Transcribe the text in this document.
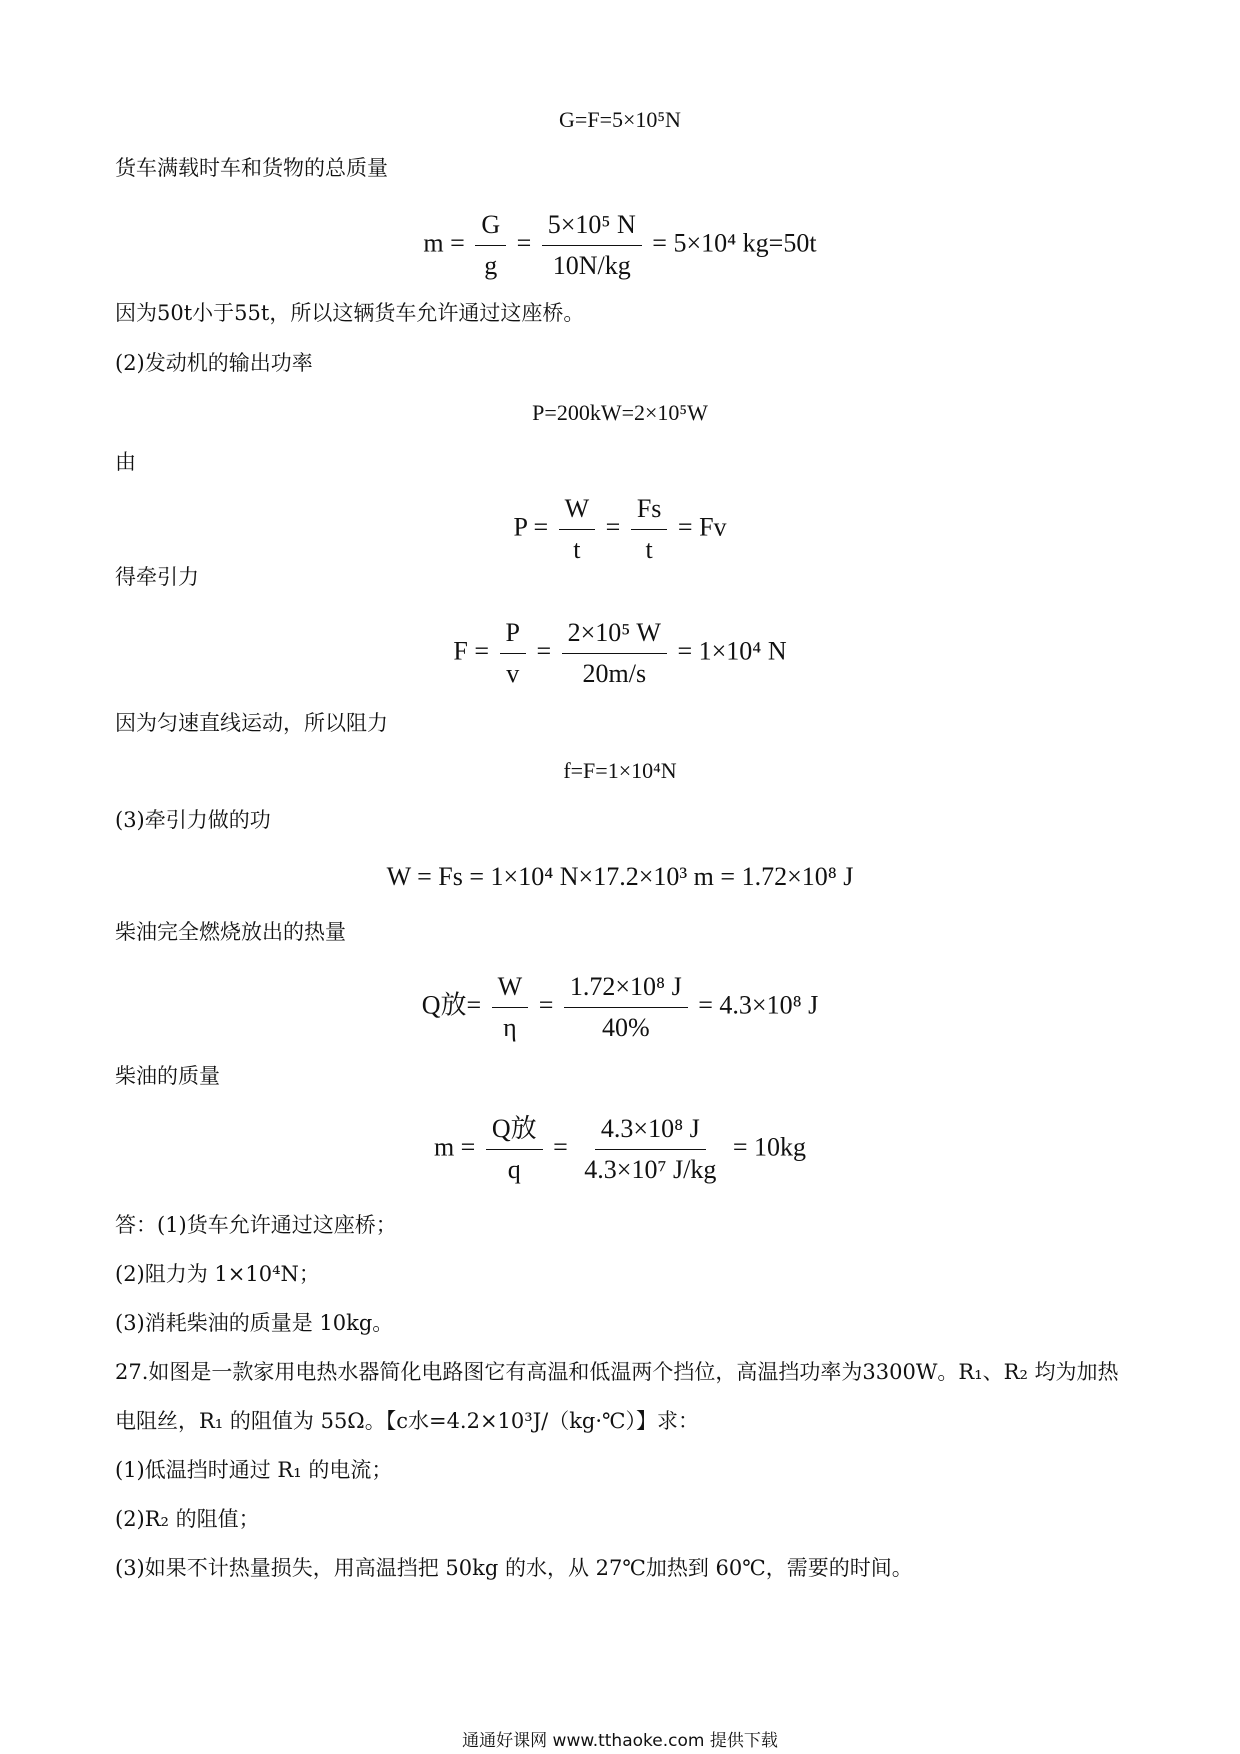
G=F=5×10⁵N
货车满载时车和货物的总质量
$m = \frac{G}{g} = \frac{\text{5×10⁵ N}}{10N/kg} = 5\times 10^4$ kg=50t
因为50t小于55t，所以这辆货车允许通过这座桥。
(2)发动机的输出功率
P=200kW=2×10⁵W
由
$P = \frac{W}{t} = \frac{Fs}{t} = Fv$
得牵引力
$F = \frac{P}{v} = \frac{\text{2×10⁵ W}}{20m/s} = 1\times 10^4$ N
因为匀速直线运动，所以阻力
f=F=1×10⁴N
(3)牵引力做的功
W = Fs = 1×10⁴ N×17.2×10³ m = 1.72×10⁸ J
柴油完全燃烧放出的热量
Q放= $\frac{W}{\eta} = \frac{\text{1.72×10⁸ J}}{40\%} = 4.3\times 10^8$ J
柴油的质量
$m = \frac{\text{Q放}}{q} = \frac{\text{4.3×10⁸ J}}{\text{4.3×10⁷ J/kg}} = 10kg$
答：(1)货车允许通过这座桥；
(2)阻力为 1×10⁴N；
(3)消耗柴油的质量是 10kg。
27.如图是一款家用电热水器简化电路图它有高温和低温两个挡位，高温挡功率为3300W。R₁、R₂ 均为加热
电阻丝，R₁ 的阻值为 55Ω。【c水=4.2×10³J/（kg·℃）】求：
(1)低温挡时通过 R₁ 的电流；
(2)R₂ 的阻值；
(3)如果不计热量损失，用高温挡把 50kg 的水，从 27℃加热到 60℃，需要的时间。
通通好课网 www.tthaoke.com 提供下载
